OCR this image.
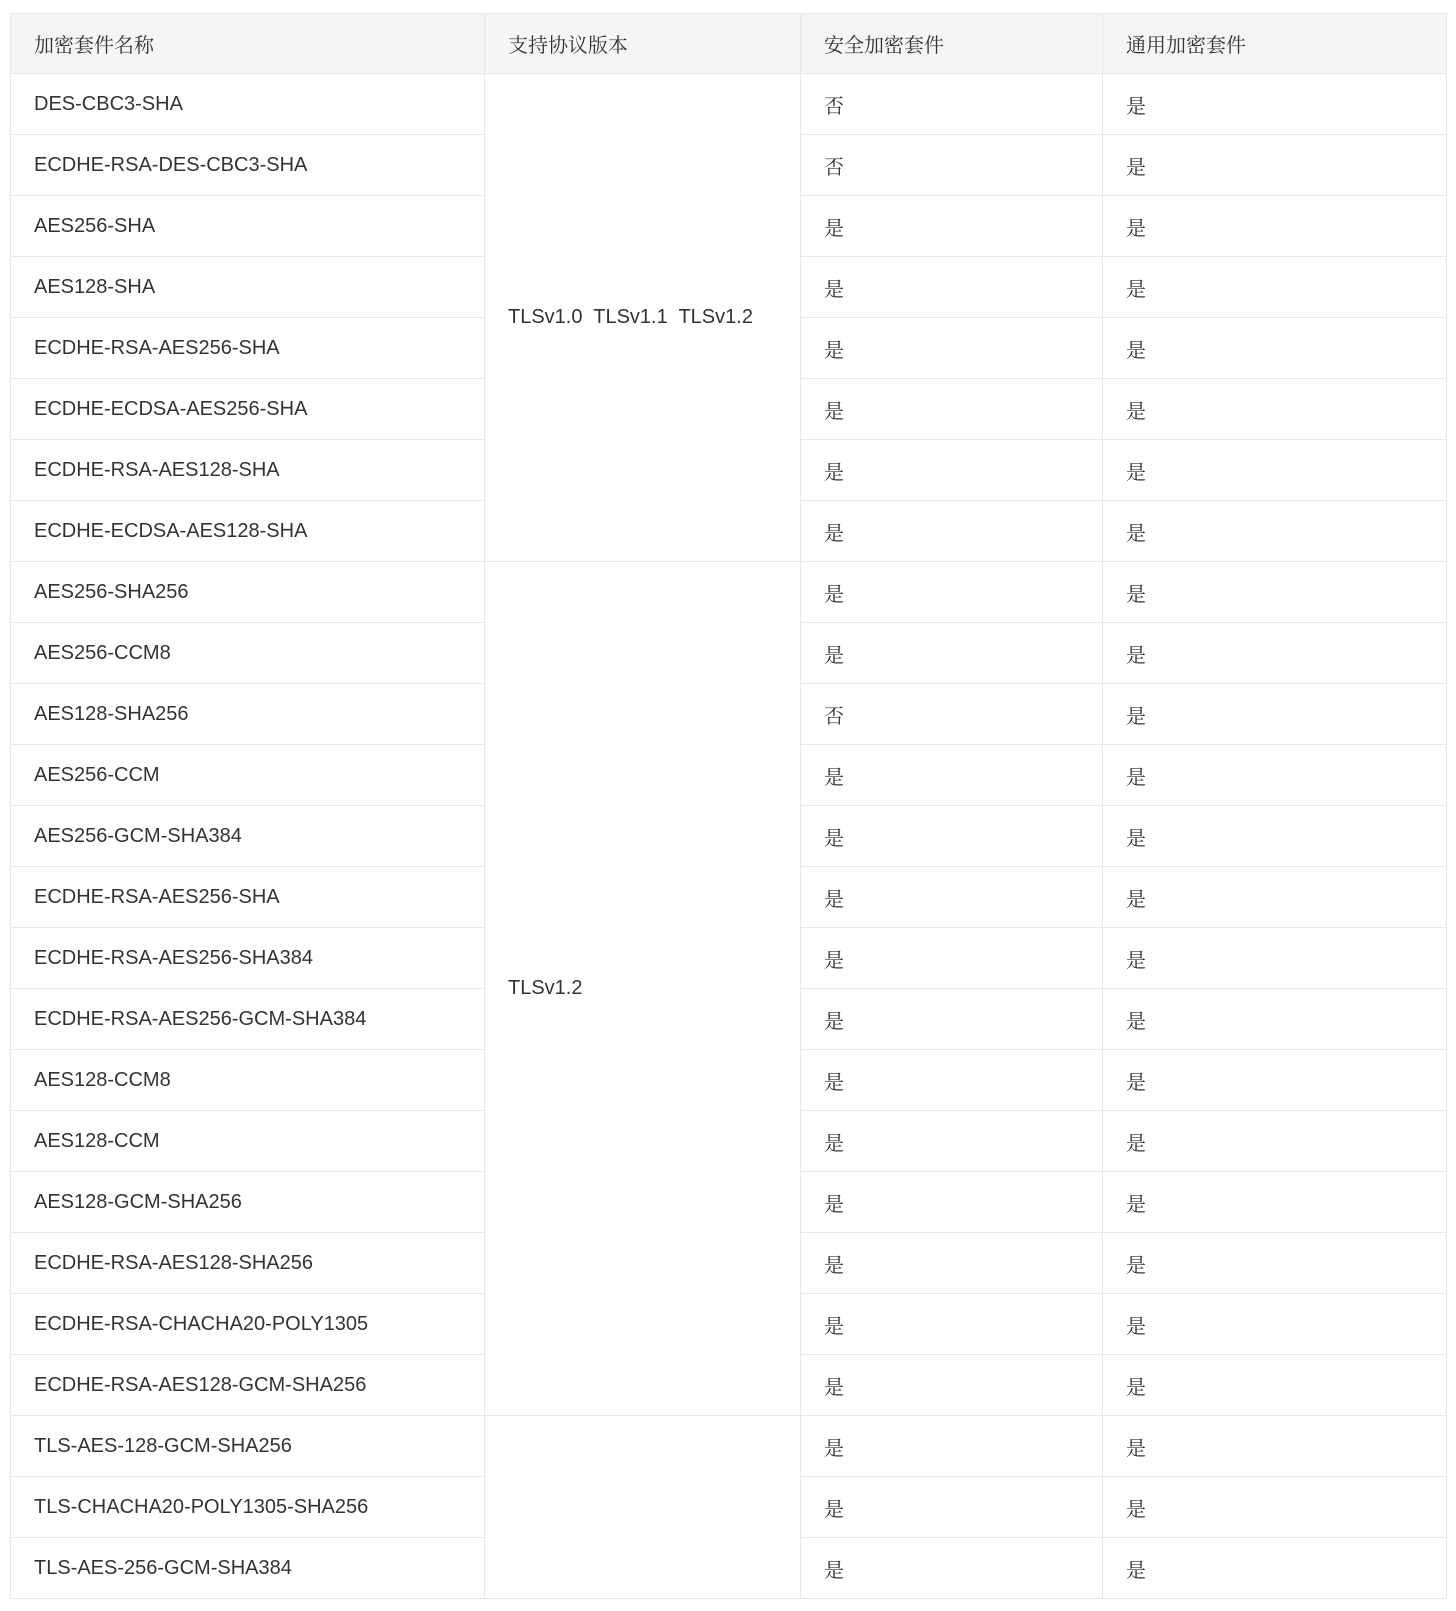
加密套件名称	支持协议版本	安全加密套件	通用加密套件
DES-CBC3-SHA	TLSv1.0  TLSv1.1  TLSv1.2	否	是
ECDHE-RSA-DES-CBC3-SHA		否	是
AES256-SHA		是	是
AES128-SHA		是	是
ECDHE-RSA-AES256-SHA		是	是
ECDHE-ECDSA-AES256-SHA		是	是
ECDHE-RSA-AES128-SHA		是	是
ECDHE-ECDSA-AES128-SHA		是	是
AES256-SHA256	TLSv1.2	是	是
AES256-CCM8		是	是
AES128-SHA256		否	是
AES256-CCM		是	是
AES256-GCM-SHA384		是	是
ECDHE-RSA-AES256-SHA		是	是
ECDHE-RSA-AES256-SHA384		是	是
ECDHE-RSA-AES256-GCM-SHA384		是	是
AES128-CCM8		是	是
AES128-CCM		是	是
AES128-GCM-SHA256		是	是
ECDHE-RSA-AES128-SHA256		是	是
ECDHE-RSA-CHACHA20-POLY1305		是	是
ECDHE-RSA-AES128-GCM-SHA256		是	是
TLS-AES-128-GCM-SHA256		是	是
TLS-CHACHA20-POLY1305-SHA256		是	是
TLS-AES-256-GCM-SHA384		是	是
